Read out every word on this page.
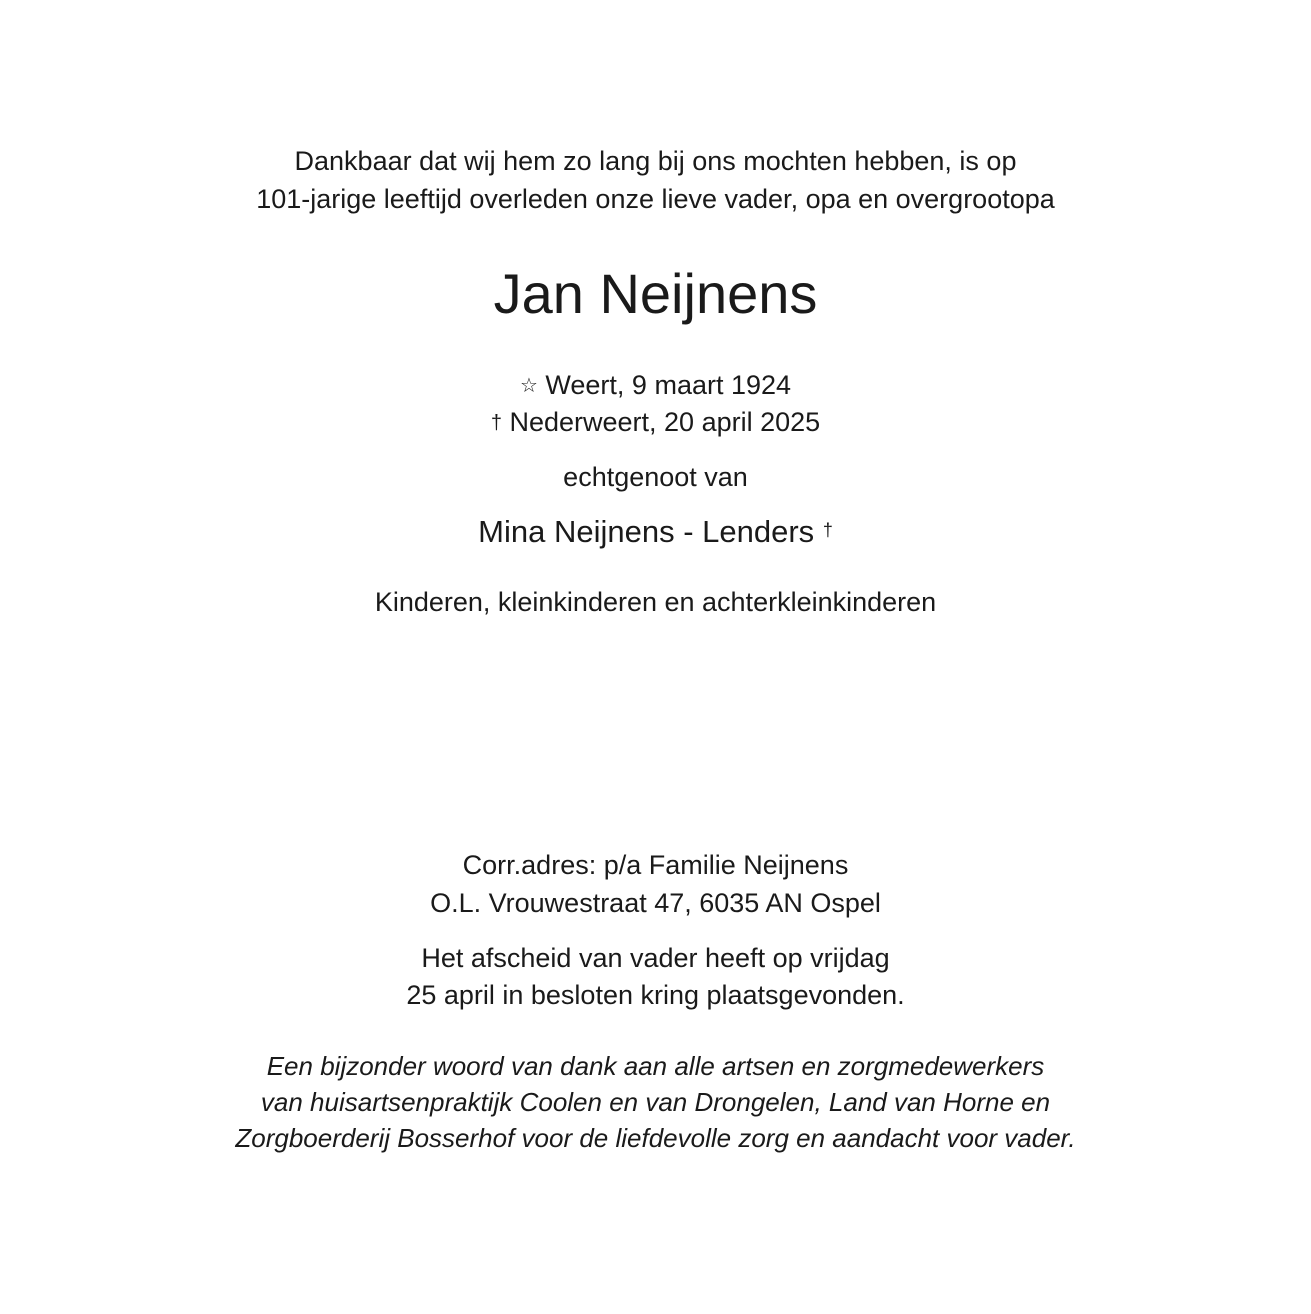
Dankbaar dat wij hem zo lang bij ons mochten hebben, is op

101-jarige leeftijd overleden onze lieve vader, opa en overgrootopa

Jan Neijnens

☆ Weert, 9 maart 1924

† Nederweert, 20 april 2025

echtgenoot van

Mina Neijnens - Lenders †

Kinderen, kleinkinderen en achterkleinkinderen

Corr.adres: p/a Familie Neijnens

O.L. Vrouwestraat 47, 6035 AN Ospel

Het afscheid van vader heeft op vrijdag

25 april in besloten kring plaatsgevonden.

Een bijzonder woord van dank aan alle artsen en zorgmedewerkers

van huisartsenpraktijk Coolen en van Drongelen, Land van Horne en

Zorgboerderij Bosserhof voor de liefdevolle zorg en aandacht voor vader.
